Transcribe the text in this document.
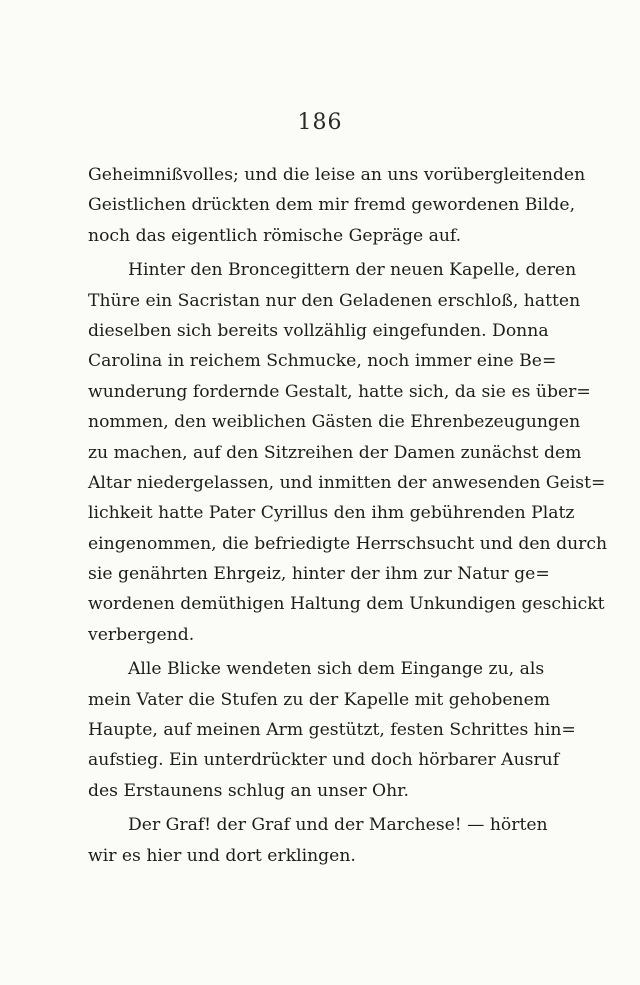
186
Geheimnißvolles; und die leise an uns vorübergleitenden
Geistlichen drückten dem mir fremd gewordenen Bilde,
noch das eigentlich römische Gepräge auf.
Hinter den Broncegittern der neuen Kapelle, deren
Thüre ein Sacristan nur den Geladenen erschloß, hatten
dieselben sich bereits vollzählig eingefunden. Donna
Carolina in reichem Schmucke, noch immer eine Be=
wunderung fordernde Gestalt, hatte sich, da sie es über=
nommen, den weiblichen Gästen die Ehrenbezeugungen
zu machen, auf den Sitzreihen der Damen zunächst dem
Altar niedergelassen, und inmitten der anwesenden Geist=
lichkeit hatte Pater Cyrillus den ihm gebührenden Platz
eingenommen, die befriedigte Herrschsucht und den durch
sie genährten Ehrgeiz, hinter der ihm zur Natur ge=
wordenen demüthigen Haltung dem Unkundigen geschickt
verbergend.
Alle Blicke wendeten sich dem Eingange zu, als
mein Vater die Stufen zu der Kapelle mit gehobenem
Haupte, auf meinen Arm gestützt, festen Schrittes hin=
aufstieg. Ein unterdrückter und doch hörbarer Ausruf
des Erstaunens schlug an unser Ohr.
Der Graf! der Graf und der Marchese! — hörten
wir es hier und dort erklingen.
